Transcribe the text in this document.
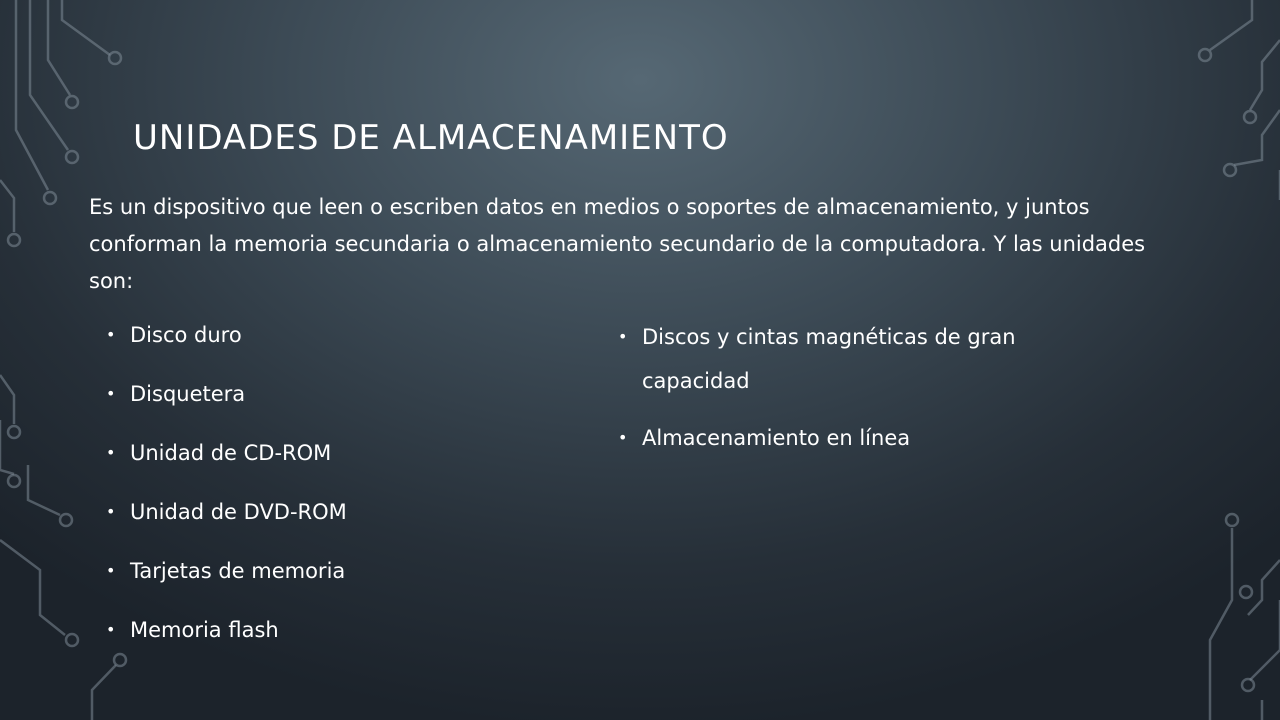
UNIDADES DE ALMACENAMIENTO

Es un dispositivo que leen o escriben datos en medios o soportes de almacenamiento, y juntos conforman la memoria secundaria o almacenamiento secundario de la computadora. Y las unidades son:

• Disco duro
• Disquetera
• Unidad de CD-ROM
• Unidad de DVD-ROM
• Tarjetas de memoria
• Memoria flash
• Discos y cintas magnéticas de gran capacidad
• Almacenamiento en línea
